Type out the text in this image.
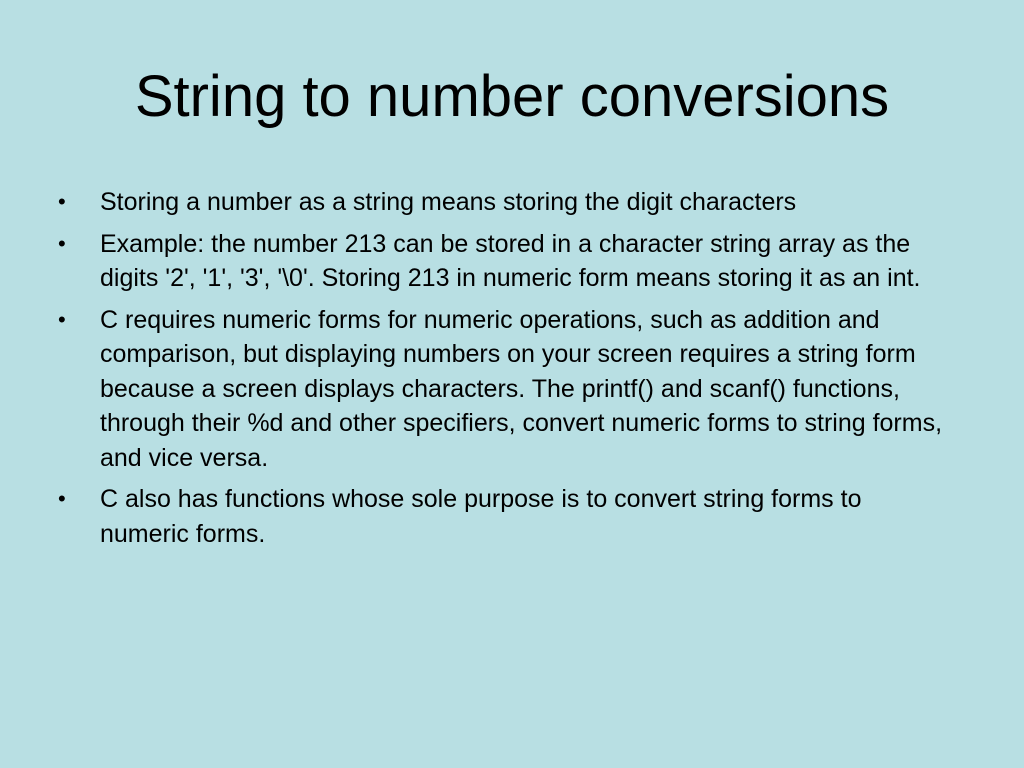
String to number conversions
•	Storing a number as a string means storing the digit characters
•	Example: the number 213 can be stored in a character string array as the digits '2', '1', '3', '\0'. Storing 213 in numeric form means storing it as an int.
•	C requires numeric forms for numeric operations, such as addition and comparison, but displaying numbers on your screen requires a string form because a screen displays characters. The printf() and scanf() functions, through their %d and other specifiers, convert numeric forms to string forms, and vice versa.
•	C also has functions whose sole purpose is to convert string forms to numeric forms.
